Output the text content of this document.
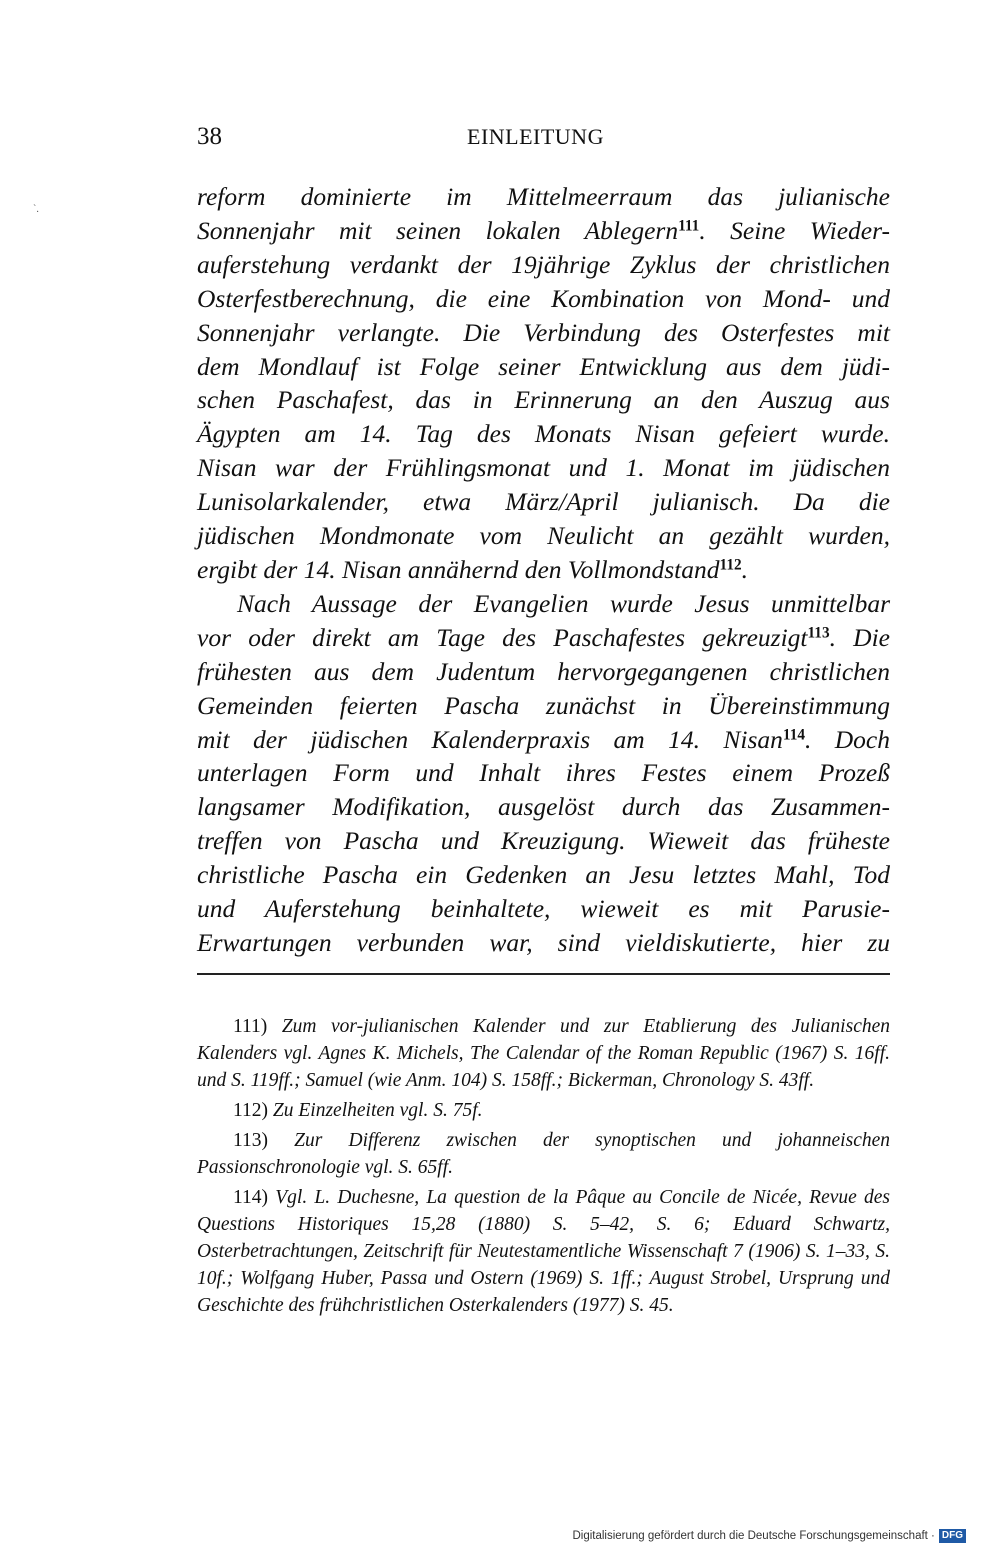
38	EINLEITUNG
`.	reform dominierte im Mittelmeerraum das julianische

Sonnenjahr mit seinen lokalen Ablegern$^{111}$. Seine Wieder-

auferstehung verdankt der 19jährige Zyklus der christlichen

Osterfestberechnung, die eine Kombination von Mond- und

Sonnenjahr verlangte. Die Verbindung des Osterfestes mit

dem Mondlauf ist Folge seiner Entwicklung aus dem jüdi-

schen Paschafest, das in Erinnerung an den Auszug aus

Ägypten am 14. Tag des Monats Nisan gefeiert wurde.

Nisan war der Frühlingsmonat und 1. Monat im jüdischen

Lunisolarkalender, etwa März/April julianisch. Da die

jüdischen Mondmonate vom Neulicht an gezählt wurden,

ergibt der 14. Nisan annähernd den Vollmondstand$^{112}$.

Nach Aussage der Evangelien wurde Jesus unmittelbar

vor oder direkt am Tage des Paschafestes gekreuzigt$^{113}$. Die

frühesten aus dem Judentum hervorgegangenen christlichen

Gemeinden feierten Pascha zunächst in Übereinstimmung

mit der jüdischen Kalenderpraxis am 14. Nisan$^{114}$. Doch

unterlagen Form und Inhalt ihres Festes einem Prozeß

langsamer Modifikation, ausgelöst durch das Zusammen-

treffen von Pascha und Kreuzigung. Wieweit das früheste

christliche Pascha ein Gedenken an Jesu letztes Mahl, Tod

und Auferstehung beinhaltete, wieweit es mit Parusie-

Erwartungen verbunden war, sind vieldiskutierte, hier zu

111) Zum vor-julianischen Kalender und zur Etablierung des Julianischen Kalenders vgl. Agnes K. Michels, The Calendar of the Roman Republic (1967) S. 16ff. und S. 119ff.; Samuel (wie Anm. 104) S. 158ff.; Bickerman, Chronology S. 43ff.

112) Zu Einzelheiten vgl. S. 75f.

113) Zur Differenz zwischen der synoptischen und johanneischen Passionschronologie vgl. S. 65ff.

114) Vgl. L. Duchesne, La question de la Pâque au Concile de Nicée, Revue des Questions Historiques 15,28 (1880) S. 5–42, S. 6; Eduard Schwartz, Osterbetrachtungen, Zeitschrift für Neutestamentliche Wissenschaft 7 (1906) S. 1–33, S. 10f.; Wolfgang Huber, Passa und Ostern (1969) S. 1ff.; August Strobel, Ursprung und Geschichte des frühchristlichen Osterkalenders (1977) S. 45.

Digitalisierung gefördert durch die Deutsche Forschungsgemeinschaft · DFG
